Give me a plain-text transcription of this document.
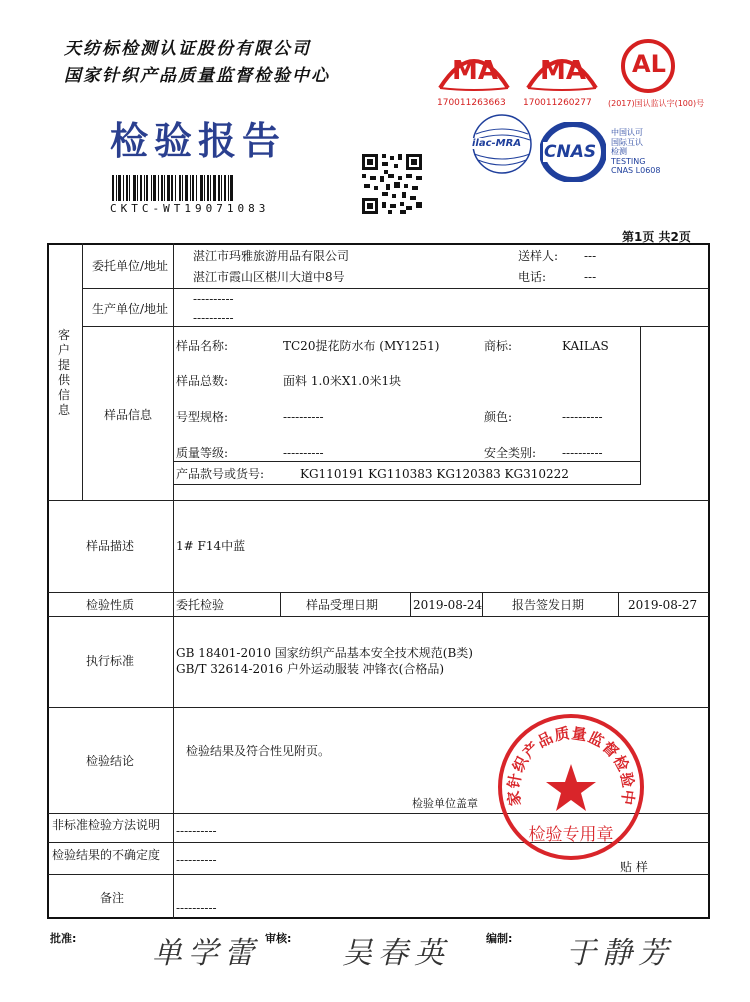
天纺标检测认证股份有限公司
国家针织产品质量监督检验中心
检验报告
CKTC-WT19071083
MA
170011263663
MA
170011260277
AL
(2017)国认监认字(100)号
ilac-MRA CNAS
中国认可
国际互认
检测
TESTING
CNAS L0608
第1页 共2页
客户提供信息
委托单位/地址
湛江市玛雅旅游用品有限公司
湛江市霞山区椹川大道中8号
送样人: ---
电话:	---
生产单位/地址
----------
----------
样品信息
样品名称:	TC20提花防水布 (MY1251)	商标:	KAILAS
样品总数:	面料 1.0米X1.0米1块
号型规格:	----------	颜色:	----------
质量等级:	----------	安全类别: ----------
产品款号或货号:	KG110191 KG110383 KG120383 KG310222
样品描述	1# F14中蓝
检验性质	委托检验	样品受理日期	2019-08-24 报告签发日期	2019-08-27
执行标准
GB 18401-2010 国家纺织产品基本安全技术规范(B类)
GB/T 32614-2016 户外运动服装 冲锋衣(合格品)
检验结论
检验结果及符合性见附页。
检验单位盖章
非标准检验方法说明 ----------
检验结果的不确定度 ----------
备注
----------
贴 样
家针织产品质量监督检验中
检验专用章
批准:	单学蕾 审核: 吴春英	编制: 于静芳
